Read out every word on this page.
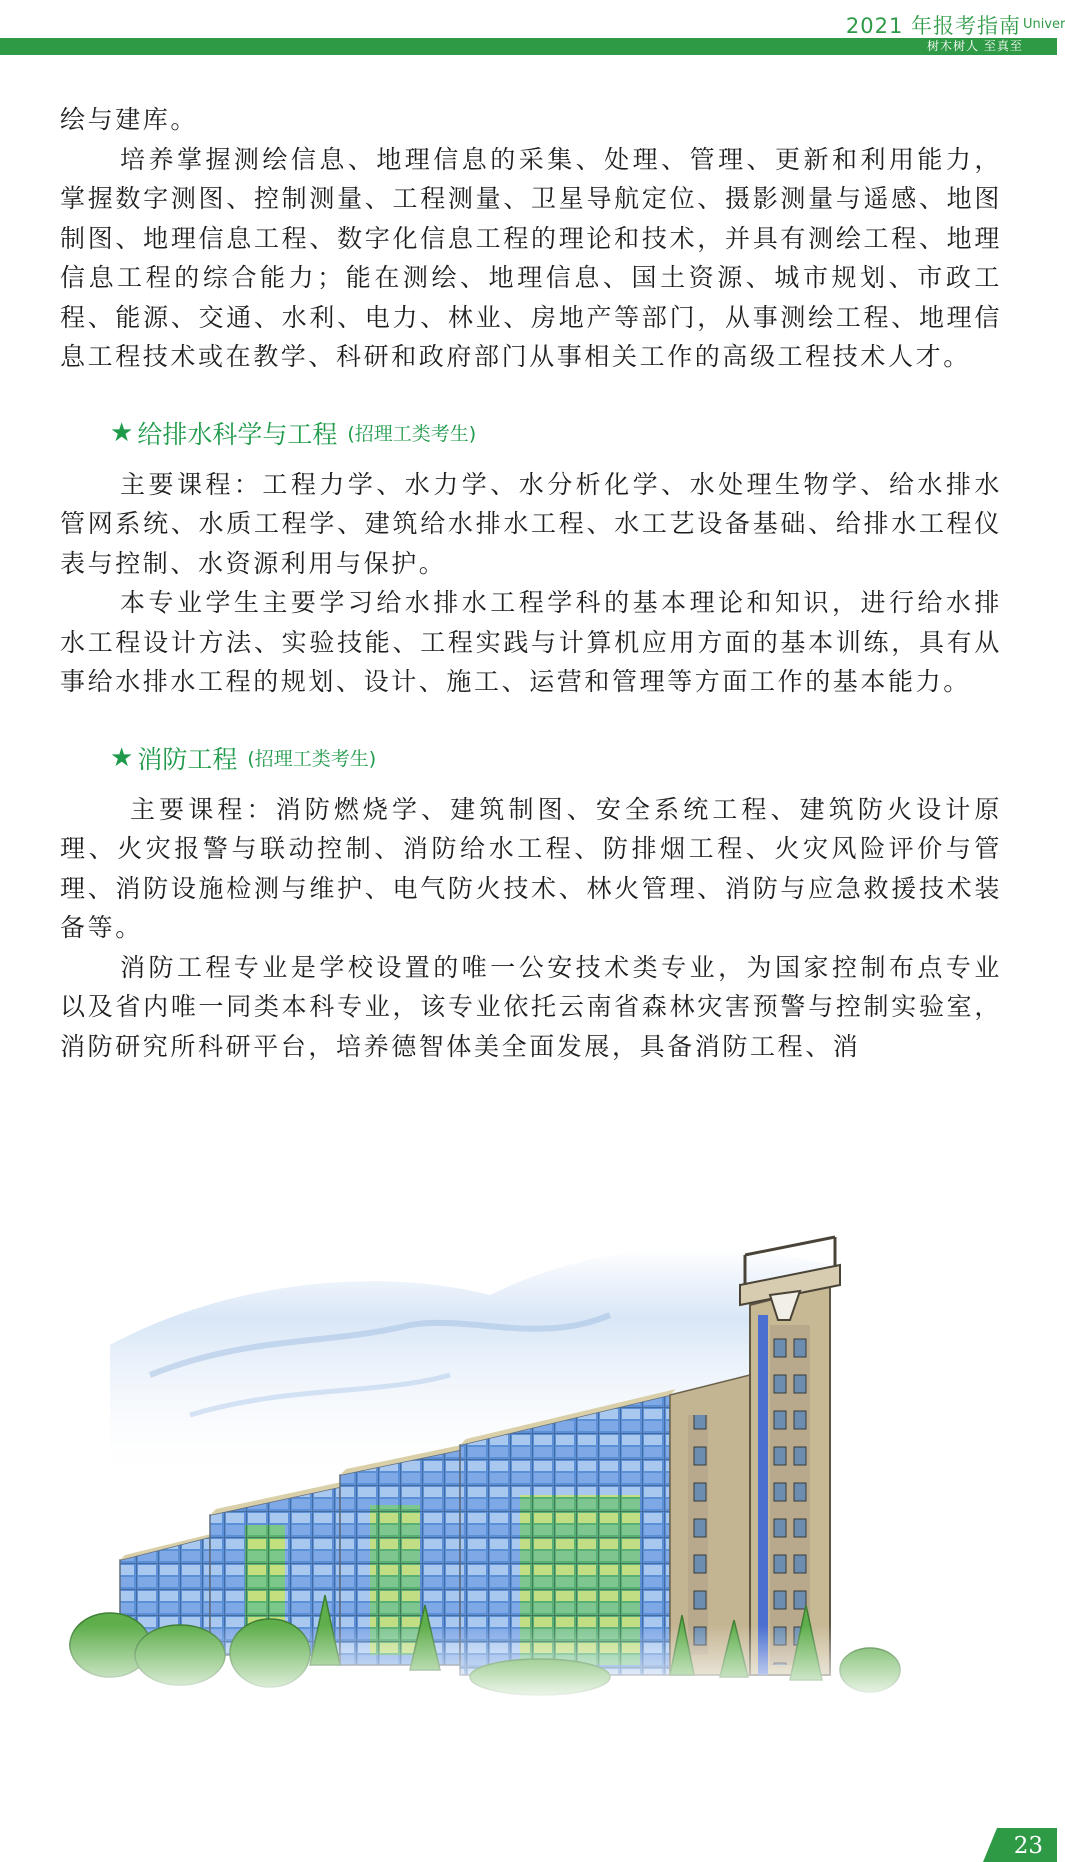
2021 年报考指南 Univer
树木树人 至真至

绘与建库。

培养掌握测绘信息、地理信息的采集、处理、管理、更新和利用能力，掌握数字测图、控制测量、工程测量、卫星导航定位、摄影测量与遥感、地图制图、地理信息工程、数字化信息工程的理论和技术，并具有测绘工程、地理信息工程的综合能力；能在测绘、地理信息、国土资源、城市规划、市政工程、能源、交通、水利、电力、林业、房地产等部门，从事测绘工程、地理信息工程技术或在教学、科研和政府部门从事相关工作的高级工程技术人才。

★ 给排水科学与工程 (招理工类考生)

主要课程：工程力学、水力学、水分析化学、水处理生物学、给水排水管网系统、水质工程学、建筑给水排水工程、水工艺设备基础、给排水工程仪表与控制、水资源利用与保护。

本专业学生主要学习给水排水工程学科的基本理论和知识，进行给水排水工程设计方法、实验技能、工程实践与计算机应用方面的基本训练，具有从事给水排水工程的规划、设计、施工、运营和管理等方面工作的基本能力。

★ 消防工程 (招理工类考生)

主要课程：消防燃烧学、建筑制图、安全系统工程、建筑防火设计原理、火灾报警与联动控制、消防给水工程、防排烟工程、火灾风险评价与管理、消防设施检测与维护、电气防火技术、林火管理、消防与应急救援技术装备等。

消防工程专业是学校设置的唯一公安技术类专业，为国家控制布点专业以及省内唯一同类本科专业，该专业依托云南省森林灾害预警与控制实验室，消防研究所科研平台，培养德智体美全面发展，具备消防工程、消

23
